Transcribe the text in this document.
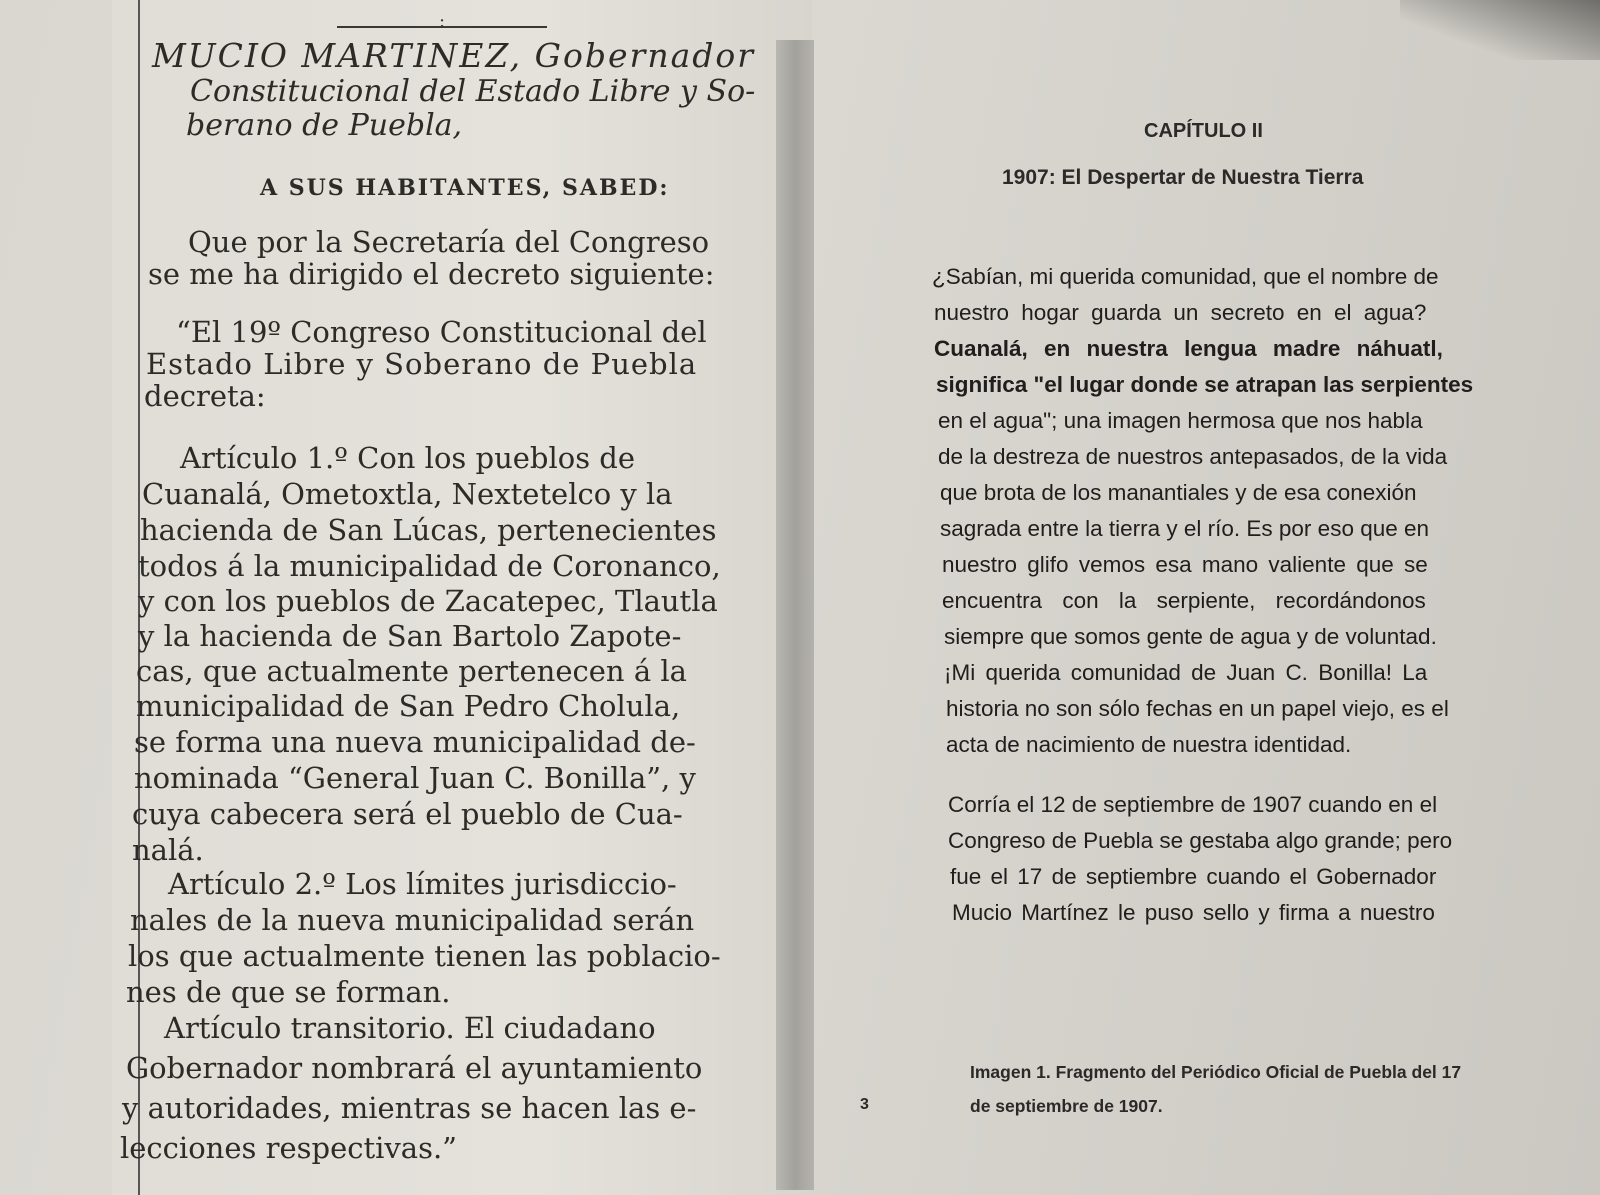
:
MUCIO MARTINEZ, Gobernador
Constitucional del Estado Libre y So-
berano de Puebla,
A SUS HABITANTES, SABED:
Que por la Secretaría del Congreso
se me ha dirigido el decreto siguiente:
“El 19º Congreso Constitucional del
Estado Libre y Soberano de Puebla
decreta:
Artículo 1.º Con los pueblos de
Cuanalá, Ometoxtla, Nextetelco y la
hacienda de San Lúcas, pertenecientes
todos á la municipalidad de Coronanco,
y con los pueblos de Zacatepec, Tlautla
y la hacienda de San Bartolo Zapote-
cas, que actualmente pertenecen á la
municipalidad de San Pedro Cholula,
se forma una nueva municipalidad de-
nominada “General Juan C. Bonilla”, y
cuya cabecera será el pueblo de Cua-
nalá.
Artículo 2.º Los límites jurisdiccio-
nales de la nueva municipalidad serán
los que actualmente tienen las poblacio-
nes de que se forman.
Artículo transitorio. El ciudadano
Gobernador nombrará el ayuntamiento
y autoridades, mientras se hacen las e-
lecciones respectivas.”
CAPÍTULO II
1907: El Despertar de Nuestra Tierra
¿Sabían, mi querida comunidad, que el nombre de
nuestro hogar guarda un secreto en el agua?
Cuanalá, en nuestra lengua madre náhuatl,
significa "el lugar donde se atrapan las serpientes
en el agua"; una imagen hermosa que nos habla
de la destreza de nuestros antepasados, de la vida
que brota de los manantiales y de esa conexión
sagrada entre la tierra y el río. Es por eso que en
nuestro glifo vemos esa mano valiente que se
encuentra con la serpiente, recordándonos
siempre que somos gente de agua y de voluntad.
¡Mi querida comunidad de Juan C. Bonilla! La
historia no son sólo fechas en un papel viejo, es el
acta de nacimiento de nuestra identidad.
Corría el 12 de septiembre de 1907 cuando en el
Congreso de Puebla se gestaba algo grande; pero
fue el 17 de septiembre cuando el Gobernador
Mucio Martínez le puso sello y firma a nuestro
Imagen 1. Fragmento del Periódico Oficial de Puebla del 17
de septiembre de 1907.
3
